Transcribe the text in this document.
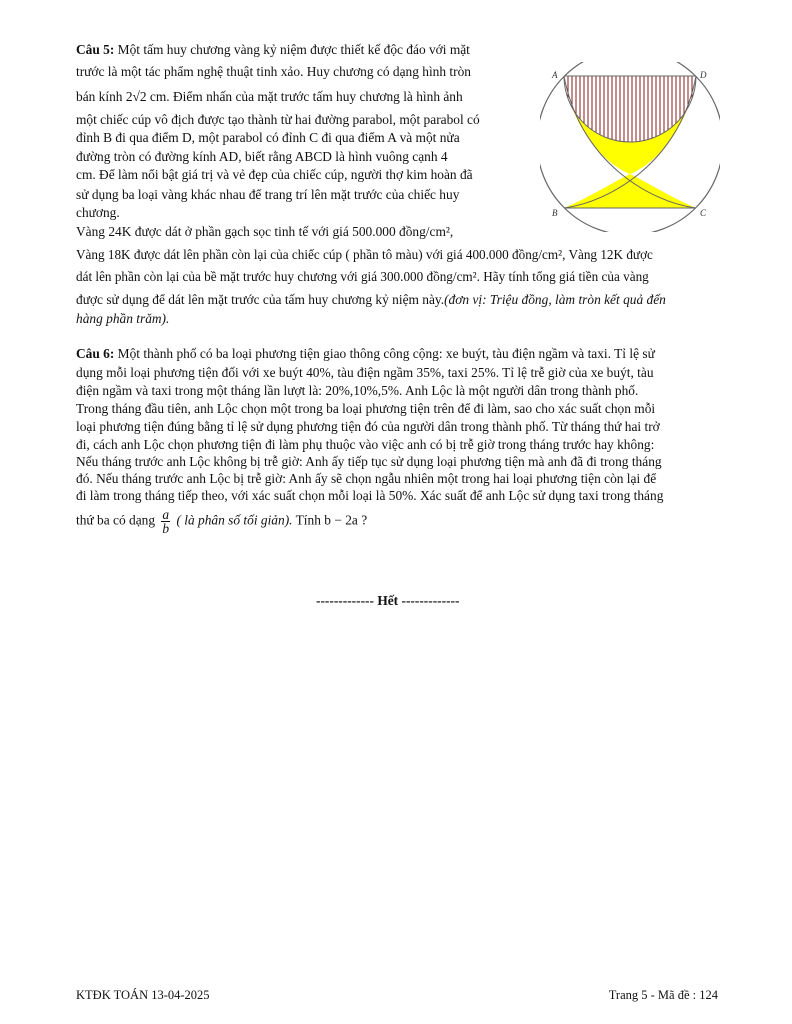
Câu 5: Một tấm huy chương vàng kỷ niệm được thiết kế độc đáo với mặt
trước là một tác phẩm nghệ thuật tinh xảo. Huy chương có dạng hình tròn
bán kính 2√2 cm. Điểm nhấn của mặt trước tấm huy chương là hình ảnh
một chiếc cúp vô địch được tạo thành từ hai đường parabol, một parabol có
đỉnh B đi qua điểm D, một parabol có đỉnh C đi qua điểm A và một nửa
đường tròn có đường kính AD, biết rằng ABCD là hình vuông cạnh 4
cm. Để làm nổi bật giá trị và vẻ đẹp của chiếc cúp, người thợ kim hoàn đã
sử dụng ba loại vàng khác nhau để trang trí lên mặt trước của chiếc huy
chương.
Vàng 24K được dát ở phần gạch sọc tinh tế với giá 500.000 đồng/cm²,
Vàng 18K được dát lên phần còn lại của chiếc cúp ( phần tô màu) với giá 400.000 đồng/cm², Vàng 12K được
dát lên phần còn lại của bề mặt trước huy chương với giá 300.000 đồng/cm². Hãy tính tổng giá tiền của vàng
được sử dụng để dát lên mặt trước của tấm huy chương kỷ niệm này.(đơn vị: Triệu đồng, làm tròn kết quả đến
hàng phần trăm).
A	D
B	C
Câu 6: Một thành phố có ba loại phương tiện giao thông công cộng: xe buýt, tàu điện ngầm và taxi. Tỉ lệ sử
dụng mỗi loại phương tiện đối với xe buýt 40%, tàu điện ngầm 35%, taxi 25%. Tỉ lệ trễ giờ của xe buýt, tàu
điện ngầm và taxi trong một tháng lần lượt là: 20%,10%,5%. Anh Lộc là một người dân trong thành phố.
Trong tháng đầu tiên, anh Lộc chọn một trong ba loại phương tiện trên để đi làm, sao cho xác suất chọn mỗi
loại phương tiện đúng bằng tỉ lệ sử dụng phương tiện đó của người dân trong thành phố. Từ tháng thứ hai trở
đi, cách anh Lộc chọn phương tiện đi làm phụ thuộc vào việc anh có bị trễ giờ trong tháng trước hay không:
Nếu tháng trước anh Lộc không bị trễ giờ: Anh ấy tiếp tục sử dụng loại phương tiện mà anh đã đi trong tháng
đó. Nếu tháng trước anh Lộc bị trễ giờ: Anh ấy sẽ chọn ngẫu nhiên một trong hai loại phương tiện còn lại để
đi làm trong tháng tiếp theo, với xác suất chọn mỗi loại là 50%. Xác suất để anh Lộc sử dụng taxi trong tháng
thứ ba có dạng $\frac{a}{b}$ ( là phân số tối giản). Tính b − 2a ?
------------- Hết -------------
KTĐK TOÁN 13-04-2025	Trang 5 - Mã đề : 124
